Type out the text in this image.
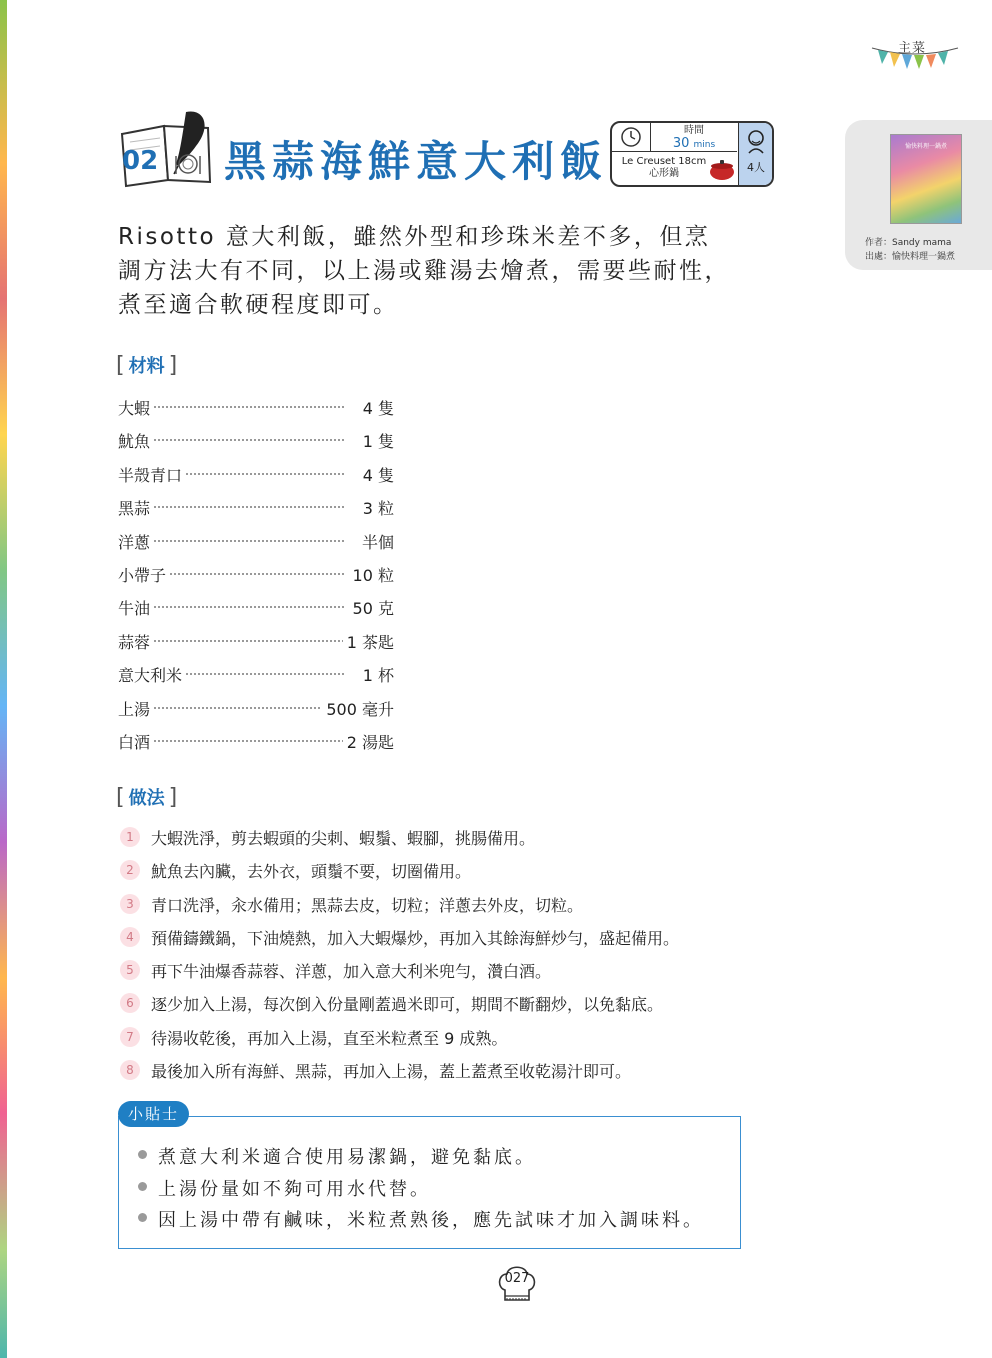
主菜
02 黑蒜海鮮意大利飯
時間
30 mins
Le Creuset 18cm
心形鍋	4人
愉快料理一鍋煮
作者：Sandy mama
出處：愉快料理一鍋煮
Risotto 意大利飯，雖然外型和珍珠米差不多，但烹
調方法大有不同，以上湯或雞湯去燴煮，需要些耐性，
煮至適合軟硬程度即可。
[ 材料 ]
大蝦	4 隻
魷魚	1 隻
半殼青口	4 隻
黑蒜	3 粒
洋蔥	半個
小帶子	10 粒
牛油	50 克
蒜蓉	1 茶匙
意大利米	1 杯
上湯	500 毫升
白酒	2 湯匙
[ 做法 ]
1	大蝦洗淨，剪去蝦頭的尖刺、蝦鬚、蝦腳，挑腸備用。
2	魷魚去內臟，去外衣，頭鬚不要，切圈備用。
3	青口洗淨，汆水備用；黑蒜去皮，切粒；洋蔥去外皮，切粒。
4	預備鑄鐵鍋，下油燒熱，加入大蝦爆炒，再加入其餘海鮮炒勻，盛起備用。
5	再下牛油爆香蒜蓉、洋蔥，加入意大利米兜勻，灒白酒。
6	逐少加入上湯，每次倒入份量剛蓋過米即可，期間不斷翻炒，以免黏底。
7	待湯收乾後，再加入上湯，直至米粒煮至 9 成熟。
8	最後加入所有海鮮、黑蒜，再加入上湯，蓋上蓋煮至收乾湯汁即可。
小貼士
煮意大利米適合使用易潔鍋，避免黏底。
上湯份量如不夠可用水代替。
因上湯中帶有鹹味，米粒煮熟後，應先試味才加入調味料。
027
